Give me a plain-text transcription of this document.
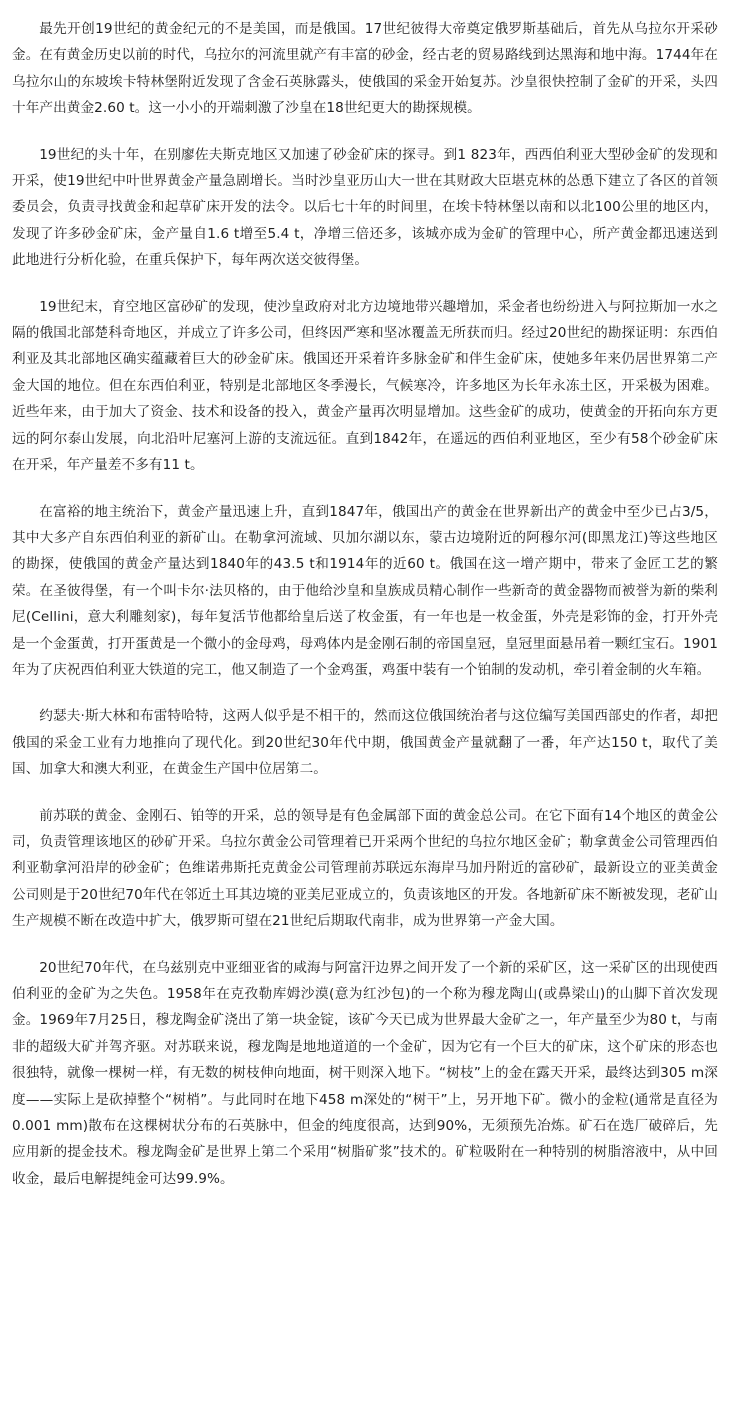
最先开创19世纪的黄金纪元的不是美国，而是俄国。17世纪彼得大帝奠定俄罗斯基础后，首先从乌拉尔开采砂金。在有黄金历史以前的时代，乌拉尔的河流里就产有丰富的砂金，经古老的贸易路线到达黑海和地中海。1744年在乌拉尔山的东坡埃卡特林堡附近发现了含金石英脉露头，使俄国的采金开始复苏。沙皇很快控制了金矿的开采，头四十年产出黄金2.60 t。这一小小的开端刺激了沙皇在18世纪更大的勘探规模。

19世纪的头十年，在别廖佐夫斯克地区又加速了砂金矿床的探寻。到1 823年，西西伯利亚大型砂金矿的发现和开采，使19世纪中叶世界黄金产量急剧增长。当时沙皇亚历山大一世在其财政大臣堪克林的怂恿下建立了各区的首领委员会，负责寻找黄金和起草矿床开发的法令。以后七十年的时间里，在埃卡特林堡以南和以北100公里的地区内，发现了许多砂金矿床，金产量自1.6 t增至5.4 t，净增三倍还多，该城亦成为金矿的管理中心，所产黄金都迅速送到此地进行分析化验，在重兵保护下，每年两次送交彼得堡。

19世纪末，育空地区富砂矿的发现，使沙皇政府对北方边境地带兴趣增加，采金者也纷纷进入与阿拉斯加一水之隔的俄国北部楚科奇地区，并成立了许多公司，但终因严寒和坚冰覆盖无所获而归。经过20世纪的勘探证明：东西伯利亚及其北部地区确实蕴藏着巨大的砂金矿床。俄国还开采着许多脉金矿和伴生金矿床，使她多年来仍居世界第二产金大国的地位。但在东西伯利亚，特别是北部地区冬季漫长，气候寒冷，许多地区为长年永冻土区，开采极为困难。近些年来，由于加大了资金、技术和设备的投入，黄金产量再次明显增加。这些金矿的成功，使黄金的开拓向东方更远的阿尔泰山发展，向北沿叶尼塞河上游的支流远征。直到1842年，在遥远的西伯利亚地区，至少有58个砂金矿床在开采，年产量差不多有11 t。

在富裕的地主统治下，黄金产量迅速上升，直到1847年，俄国出产的黄金在世界新出产的黄金中至少已占3/5，其中大多产自东西伯利亚的新矿山。在勒拿河流域、贝加尔湖以东，蒙古边境附近的阿穆尔河(即黑龙江)等这些地区的勘探，使俄国的黄金产量达到1840年的43.5 t和1914年的近60 t。俄国在这一增产期中，带来了金匠工艺的繁荣。在圣彼得堡，有一个叫卡尔·法贝格的，由于他给沙皇和皇族成员精心制作一些新奇的黄金器物而被誉为新的柴利尼(Cellini，意大利雕刻家)，每年复活节他都给皇后送了枚金蛋，有一年也是一枚金蛋，外壳是彩饰的金，打开外壳是一个金蛋黄，打开蛋黄是一个微小的金母鸡，母鸡体内是金刚石制的帝国皇冠，皇冠里面悬吊着一颗红宝石。1901年为了庆祝西伯利亚大铁道的完工，他又制造了一个金鸡蛋，鸡蛋中装有一个铂制的发动机，牵引着金制的火车箱。

约瑟夫·斯大林和布雷特哈特，这两人似乎是不相干的，然而这位俄国统治者与这位编写美国西部史的作者，却把俄国的采金工业有力地推向了现代化。到20世纪30年代中期，俄国黄金产量就翻了一番，年产达150 t，取代了美国、加拿大和澳大利亚，在黄金生产国中位居第二。

前苏联的黄金、金刚石、铂等的开采，总的领导是有色金属部下面的黄金总公司。在它下面有14个地区的黄金公司，负责管理该地区的砂矿开采。乌拉尔黄金公司管理着已开采两个世纪的乌拉尔地区金矿；勒拿黄金公司管理西伯利亚勒拿河沿岸的砂金矿；色维诺弗斯托克黄金公司管理前苏联远东海岸马加丹附近的富砂矿，最新设立的亚美黄金公司则是于20世纪70年代在邻近土耳其边境的亚美尼亚成立的，负责该地区的开发。各地新矿床不断被发现，老矿山生产规模不断在改造中扩大，俄罗斯可望在21世纪后期取代南非，成为世界第一产金大国。

20世纪70年代，在乌兹别克中亚细亚省的咸海与阿富汗边界之间开发了一个新的采矿区，这一采矿区的出现使西伯利亚的金矿为之失色。1958年在克孜勒库姆沙漠(意为红沙包)的一个称为穆龙陶山(或鼻梁山)的山脚下首次发现金。1969年7月25日，穆龙陶金矿浇出了第一块金锭，该矿今天已成为世界最大金矿之一，年产量至少为80 t，与南非的超级大矿并驾齐驱。对苏联来说，穆龙陶是地地道道的一个金矿，因为它有一个巨大的矿床，这个矿床的形态也很独特，就像一棵树一样，有无数的树枝伸向地面，树干则深入地下。“树枝”上的金在露天开采，最终达到305 m深度——实际上是砍掉整个“树梢”。与此同时在地下458 m深处的“树干”上，另开地下矿。微小的金粒(通常是直径为0.001 mm)散布在这棵树状分布的石英脉中，但金的纯度很高，达到90%，无须预先冶炼。矿石在选厂破碎后，先应用新的提金技术。穆龙陶金矿是世界上第二个采用“树脂矿浆”技术的。矿粒吸附在一种特别的树脂溶液中，从中回收金，最后电解提纯金可达99.9%。
